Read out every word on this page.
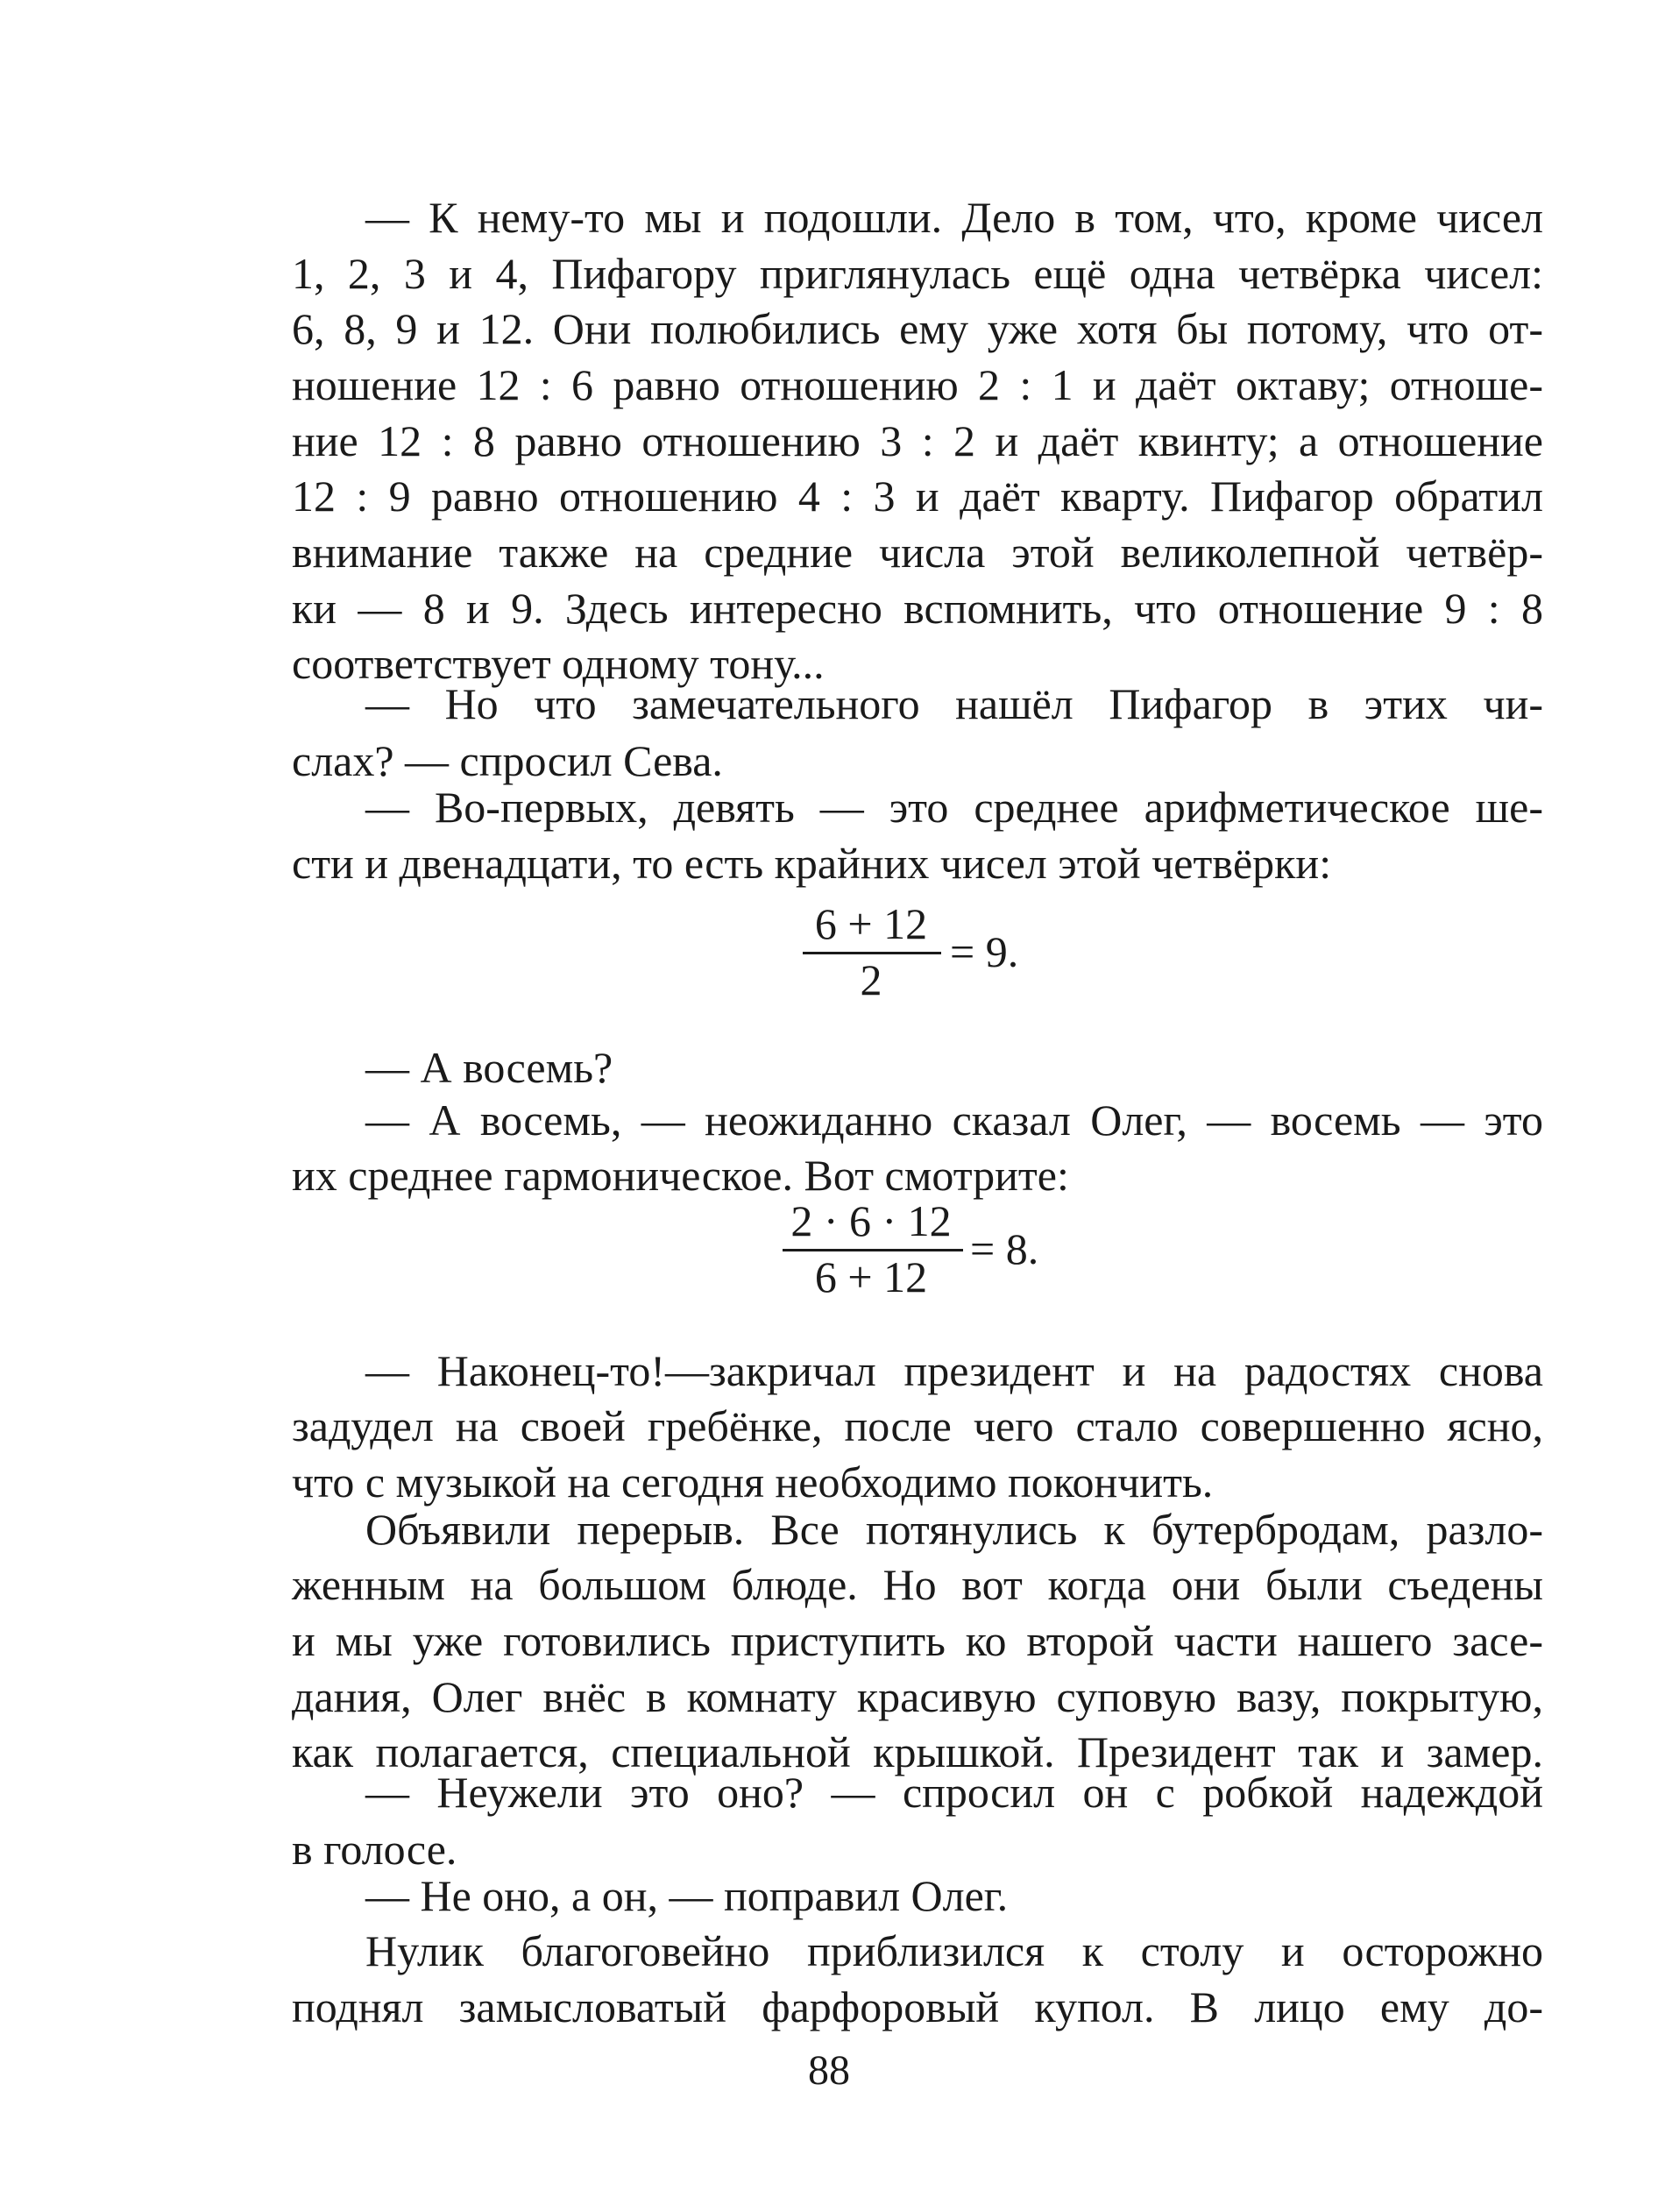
— К нему-то мы и подошли. Дело в том, что, кроме чисел
1, 2, 3 и 4, Пифагору приглянулась ещё одна четвёрка чисел:
6, 8, 9 и 12. Они полюбились ему уже хотя бы потому, что от-
ношение 12 : 6 равно отношению 2 : 1 и даёт октаву; отноше-
ние 12 : 8 равно отношению 3 : 2 и даёт квинту; а отношение
12 : 9 равно отношению 4 : 3 и даёт кварту. Пифагор обратил
внимание также на средние числа этой великолепной четвёр-
ки — 8 и 9. Здесь интересно вспомнить, что отношение 9 : 8
соответствует одному тону...
— Но что замечательного нашёл Пифагор в этих чи-
слах? — спросил Сева.
— Во-первых, девять — это среднее арифметическое ше-
сти и двенадцати, то есть крайних чисел этой четвёрки:
6 + 12
2
= 9.
— А восемь?
— А восемь, — неожиданно сказал Олег, — восемь — это
их среднее гармоническое. Вот смотрите:
2 · 6 · 12
6 + 12
= 8.
— Наконец-то!—закричал президент и на радостях снова
задудел на своей гребёнке, после чего стало совершенно ясно,
что с музыкой на сегодня необходимо покончить.
Объявили перерыв. Все потянулись к бутербродам, разло-
женным на большом блюде. Но вот когда они были съедены
и мы уже готовились приступить ко второй части нашего засе-
дания, Олег внёс в комнату красивую суповую вазу, покрытую,
как полагается, специальной крышкой. Президент так и замер.
— Неужели это оно? — спросил он с робкой надеждой
в голосе.
— Не оно, а он, — поправил Олег.
Нулик благоговейно приблизился к столу и осторожно
поднял замысловатый фарфоровый купол. В лицо ему до-
88
